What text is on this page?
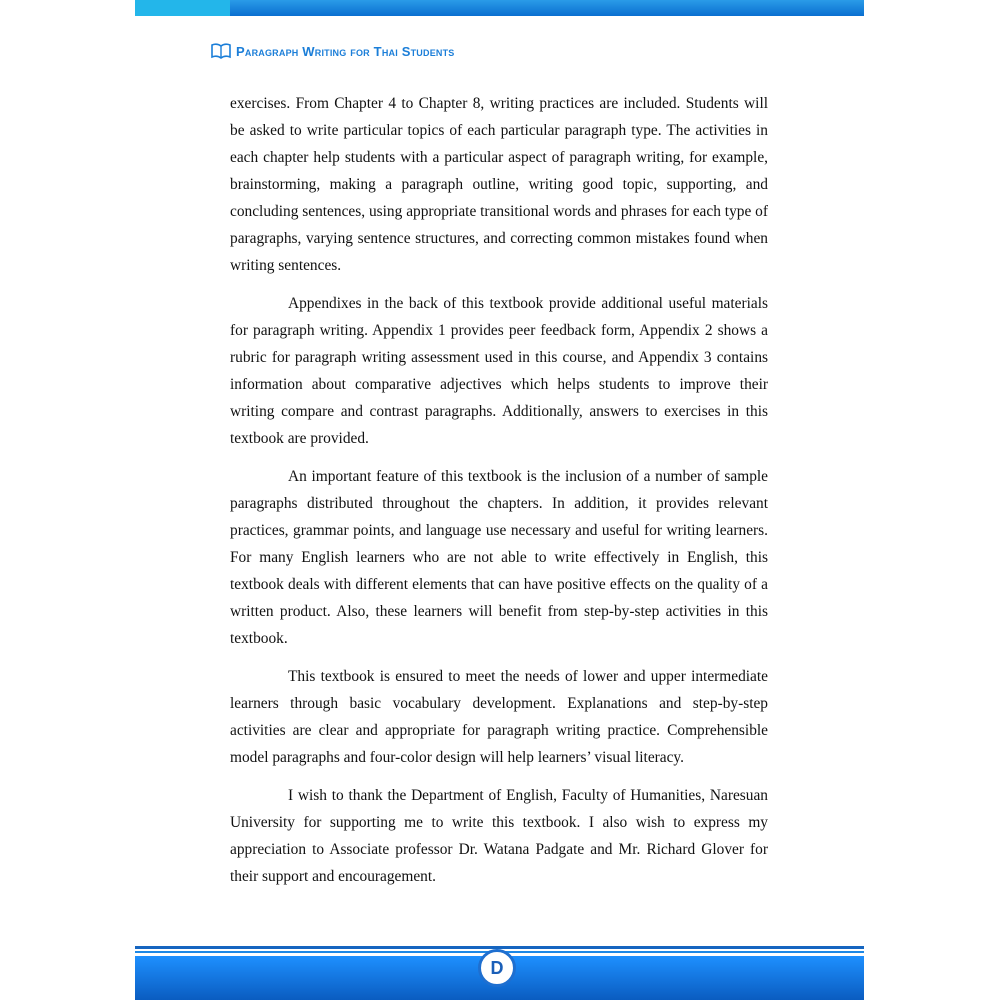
Paragraph Writing for Thai Students

exercises. From Chapter 4 to Chapter 8, writing practices are included. Students will be asked to write particular topics of each particular paragraph type. The activities in each chapter help students with a particular aspect of paragraph writing, for example, brainstorming, making a paragraph outline, writing good topic, supporting, and concluding sentences, using appropriate transitional words and phrases for each type of paragraphs, varying sentence structures, and correcting common mistakes found when writing sentences.

Appendixes in the back of this textbook provide additional useful materials for paragraph writing. Appendix 1 provides peer feedback form, Appendix 2 shows a rubric for paragraph writing assessment used in this course, and Appendix 3 contains information about comparative adjectives which helps students to improve their writing compare and contrast paragraphs. Additionally, answers to exercises in this textbook are provided.

An important feature of this textbook is the inclusion of a number of sample paragraphs distributed throughout the chapters. In addition, it provides relevant practices, grammar points, and language use necessary and useful for writing learners. For many English learners who are not able to write effectively in English, this textbook deals with different elements that can have positive effects on the quality of a written product. Also, these learners will benefit from step-by-step activities in this textbook.

This textbook is ensured to meet the needs of lower and upper intermediate learners through basic vocabulary development. Explanations and step-by-step activities are clear and appropriate for paragraph writing practice. Comprehensible model paragraphs and four-color design will help learners’ visual literacy.

I wish to thank the Department of English, Faculty of Humanities, Naresuan University for supporting me to write this textbook. I also wish to express my appreciation to Associate professor Dr. Watana Padgate and Mr. Richard Glover for their support and encouragement.

D
